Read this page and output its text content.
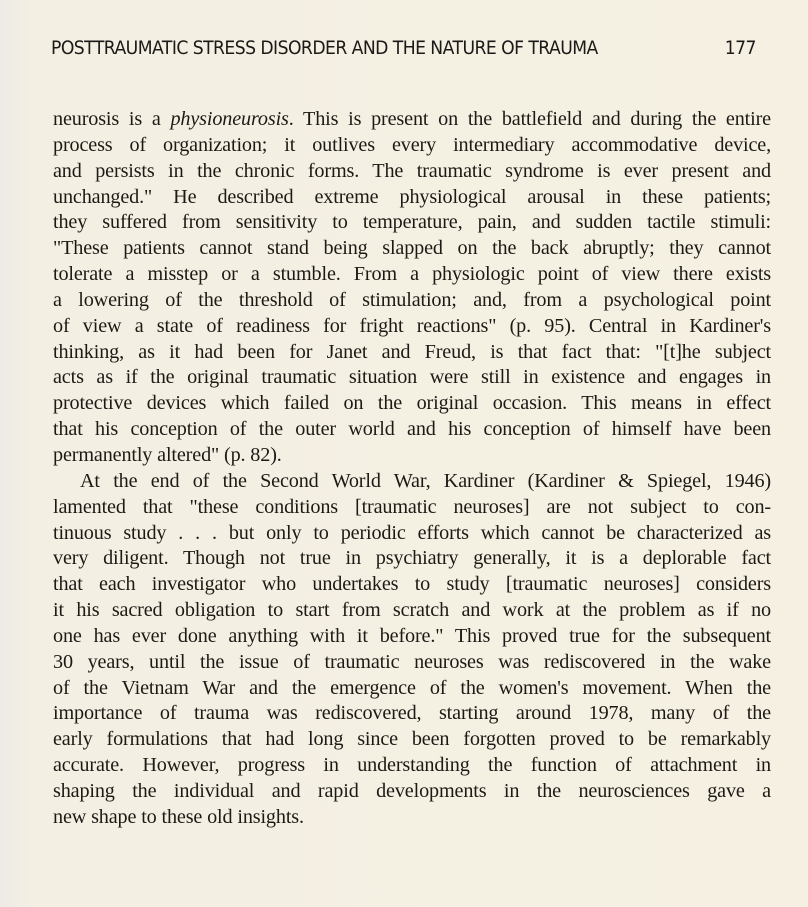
POSTTRAUMATIC STRESS DISORDER AND THE NATURE OF TRAUMA	177
neurosis is a physioneurosis. This is present on the battlefield and during the entire
process of organization; it outlives every intermediary accommodative device,
and persists in the chronic forms. The traumatic syndrome is ever present and
unchanged." He described extreme physiological arousal in these patients;
they suffered from sensitivity to temperature, pain, and sudden tactile stimuli:
"These patients cannot stand being slapped on the back abruptly; they cannot
tolerate a misstep or a stumble. From a physiologic point of view there exists
a lowering of the threshold of stimulation; and, from a psychological point
of view a state of readiness for fright reactions" (p. 95). Central in Kardiner's
thinking, as it had been for Janet and Freud, is that fact that: "[t]he subject
acts as if the original traumatic situation were still in existence and engages in
protective devices which failed on the original occasion. This means in effect
that his conception of the outer world and his conception of himself have been
permanently altered" (p. 82).
At the end of the Second World War, Kardiner (Kardiner & Spiegel, 1946)
lamented that "these conditions [traumatic neuroses] are not subject to con-
tinuous study . . . but only to periodic efforts which cannot be characterized as
very diligent. Though not true in psychiatry generally, it is a deplorable fact
that each investigator who undertakes to study [traumatic neuroses] considers
it his sacred obligation to start from scratch and work at the problem as if no
one has ever done anything with it before." This proved true for the subsequent
30 years, until the issue of traumatic neuroses was rediscovered in the wake
of the Vietnam War and the emergence of the women's movement. When the
importance of trauma was rediscovered, starting around 1978, many of the
early formulations that had long since been forgotten proved to be remarkably
accurate. However, progress in understanding the function of attachment in
shaping the individual and rapid developments in the neurosciences gave a
new shape to these old insights.
